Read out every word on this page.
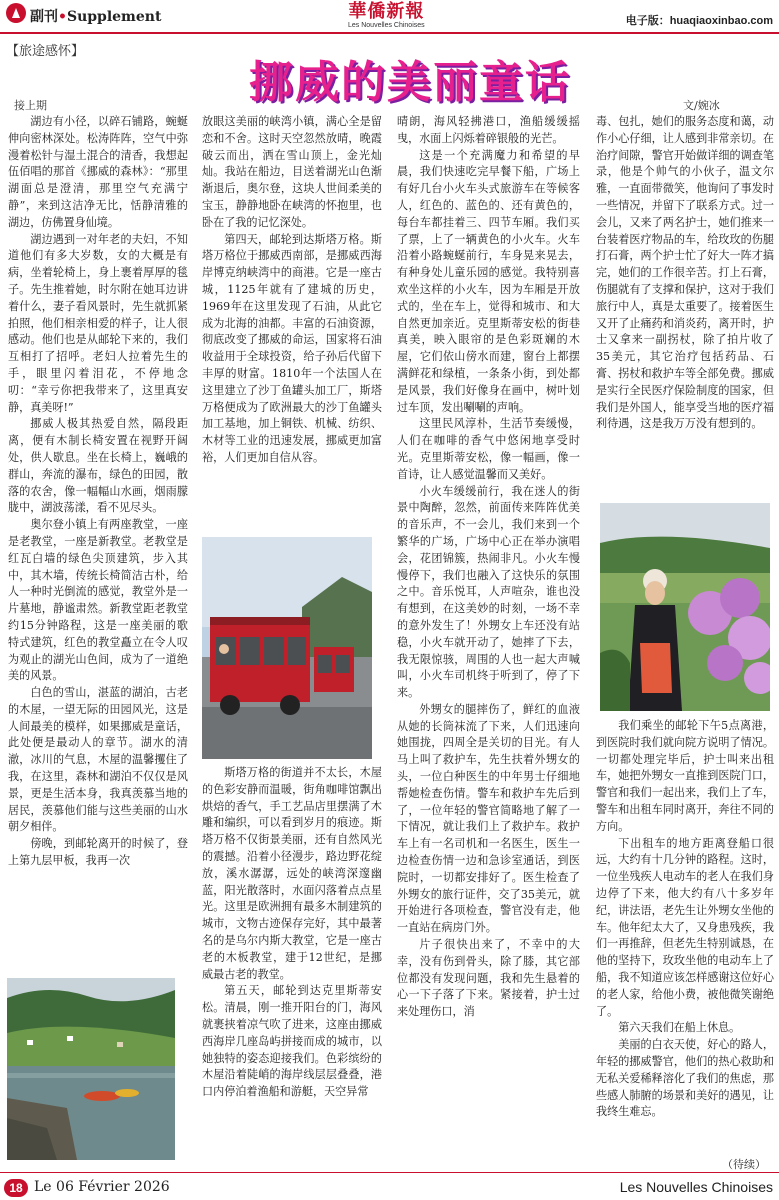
副刊•Supplement	華僑新報
Les Nouvelles Chinoises	电子版：huaqiaoxinbao.com
【旅途感怀】
挪威的美丽童话
接上期	文/婉冰

湖边有小径，以碎石铺路，蜿蜒伸向密林深处。松涛阵阵，空气中弥漫着松针与湿土混合的清香，我想起伍佰唱的那首《挪威的森林》：“那里湖面总是澄清，那里空气充满宁静”，来到这洁净无比，恬静清雅的湖边，仿佛置身仙境。

湖边遇到一对年老的夫妇，不知道他们有多大岁数，女的大概是有病，坐着轮椅上，身上裹着厚厚的毯子。先生推着她，时尔附在她耳边讲着什么，妻子看风景时，先生就抓紧拍照，他们相亲相爱的样子，让人很感动。他们也是从邮轮下来的，我们互相打了招呼。老妇人拉着先生的手，眼里闪着泪花，不停地念叨：“幸亏你把我带来了，这里真安静，真美呀!”

挪威人极其热爱自然，隔段距离，便有木制长椅安置在视野开阔处，供人歇息。坐在长椅上，巍峨的群山，奔流的瀑布，绿色的田园，散落的农舍，像一幅幅山水画，烟雨朦胧中，湖波荡漾，看不见尽头。

奥尔登小镇上有两座教堂，一座是老教堂，一座是新教堂。老教堂是红瓦白墙的绿色尖顶建筑，步入其中，其木墙，传统长椅简洁古朴，给人一种时光倒流的感觉，教堂外是一片墓地，静谧肃然。新教堂距老教堂约15分钟路程，这是一座美丽的歌特式建筑，红色的教堂矗立在令人叹为观止的湖光山色间，成为了一道绝美的风景。

白色的雪山，湛蓝的湖泊，古老的木屋，一望无际的田园风光，这是人间最美的模样，如果挪威是童话，此处便是最动人的章节。湖水的清澈，冰川的气息，木屋的温馨攫住了我，在这里，森林和湖泊不仅仅是风景，更是生活本身，我真羡慕当地的居民，羡慕他们能与这些美丽的山水朝夕相伴。

傍晚，到邮轮离开的时候了，登上第九层甲板，我再一次

放眼这美丽的峡湾小镇，满心全是留恋和不舍。这时天空忽然放晴，晚霞破云而出，洒在雪山顶上，金光灿灿。我站在船边，目送着湖光山色渐渐退后，奥尔登，这块人世间柔美的宝玉，静静地卧在峡湾的怀抱里，也卧在了我的记忆深处。

第四天，邮轮到达斯塔万格。斯塔万格位于挪威西南部，是挪威西海岸博克纳峡湾中的商港。它是一座古城，1125年就有了建城的历史，1969年在这里发现了石油，从此它成为北海的油都。丰富的石油资源，彻底改变了挪威的命运，国家将石油收益用于全球投资，给子孙后代留下丰厚的财富。1810年一个法国人在这里建立了沙丁鱼罐头加工厂，斯塔万格便成为了欧洲最大的沙丁鱼罐头加工基地，加上铜铁、机械、纺织、木材等工业的迅速发展，挪威更加富裕，人们更加自信从容。

斯塔万格的街道并不太长，木屋的色彩安静而温暖，街角咖啡馆飘出烘焙的香气，手工艺品店里摆满了木雕和编织，可以看到岁月的痕迹。斯塔万格不仅街景美丽，还有自然风光的震撼。沿着小径漫步，路边野花绽放，溪水潺潺，远处的峡湾深邃幽蓝，阳光散落时，水面闪落着点点星光。这里是欧洲拥有最多木制建筑的城市，文物古迹保存完好，其中最著名的是乌尔内斯大教堂，它是一座古老的木板教堂，建于12世纪，是挪威最古老的教堂。

第五天，邮轮到达克里斯蒂安松。清晨，刚一推开阳台的门，海风就裹挟着凉气吹了进来，这座由挪威西海岸几座岛屿拼接而成的城市，以她独特的姿态迎接我们。色彩缤纷的木屋沿着陡峭的海岸线层层叠叠，港口内停泊着渔船和游艇，天空异常

晴朗，海风轻拂港口，渔船缓缓摇曳，水面上闪烁着碎银般的光芒。

这是一个充满魔力和希望的早晨，我们快速吃完早餐下船，广场上有好几台小火车头式旅游车在等候客人，红色的、蓝色的、还有黄色的，每台车都挂着三、四节车厢。我们买了票，上了一辆黄色的小火车。火车沿着小路蜿蜒前行，车身晃来晃去，有种身处儿童乐园的感觉。我特别喜欢坐这样的小火车，因为车厢是开放式的，坐在车上，觉得和城市、和大自然更加亲近。克里斯蒂安松的街巷真美，映入眼帘的是色彩斑斓的木屋，它们依山傍水而建，窗台上都摆满鲜花和绿植，一条条小街，到处都是风景，我们好像身在画中，树叶划过车顶，发出唰唰的声响。

这里民风淳朴，生活节奏缓慢，人们在咖啡的香气中悠闲地享受时光。克里斯蒂安松，像一幅画，像一首诗，让人感觉温馨而又美好。

小火车缓缓前行，我在迷人的街景中陶醉，忽然，前面传来阵阵优美的音乐声，不一会儿，我们来到一个繁华的广场，广场中心正在举办演唱会，花团锦簇，热闹非凡。小火车慢慢停下，我们也融入了这快乐的氛围之中。音乐悦耳，人声喧杂，谁也没有想到，在这美妙的时刻，一场不幸的意外发生了！外甥女上车还没有站稳，小火车就开动了，她摔了下去，我无限惊骇，周围的人也一起大声喊叫，小火车司机终于听到了，停了下来。

外甥女的腿摔伤了，鲜红的血液从她的长筒袜流了下来，人们迅速向她围拢，四周全是关切的目光。有人马上叫了救护车，先生扶着外甥女的头，一位白种医生的中年男士仔细地帮她检查伤情。警车和救护车先后到了，一位年轻的警官简略地了解了一下情况，就让我们上了救护车。救护车上有一名司机和一名医生，医生一边检查伤情一边和急诊室通话，到医院时，一切都安排好了。医生检查了外甥女的旅行证件，交了35美元，就开始进行各项检查，警官没有走，他一直站在病房门外。

片子很快出来了，不幸中的大幸，没有伤到骨头，除了膝，其它部位都没有发现问题，我和先生悬着的心一下子落了下来。紧接着，护士过来处理伤口，消

毒、包扎，她们的服务态度和蔼，动作小心仔细，让人感到非常亲切。在治疗间隙，警官开始做详细的调查笔录，他是个帅气的小伙子，温文尔雅，一直面带微笑，他询问了事发时一些情况，并留下了联系方式。过一会儿，又来了两名护士，她们推来一台装着医疗物品的车，给玫玫的伤腿打石膏，两个护士忙了好大一阵才搞完，她们的工作很辛苦。打上石膏，伤腿就有了支撑和保护，这对于我们旅行中人，真是太重要了。接着医生又开了止痛药和消炎药，离开时，护士又拿来一副拐杖，除了拍片收了35美元，其它治疗包括药品、石膏、拐杖和救护车等全部免费。挪威是实行全民医疗保险制度的国家，但我们是外国人，能享受当地的医疗福利待遇，这是我万万没有想到的。

我们乘坐的邮轮下午5点离港，到医院时我们就向院方说明了情况。一切都处理完毕后，护士叫来出租车，她把外甥女一直推到医院门口，警官和我们一起出来，我们上了车，警车和出租车同时离开，奔往不同的方向。

下出租车的地方距离登船口很远，大约有十几分钟的路程。这时，一位坐残疾人电动车的老人在我们身边停了下来，他大约有八十多岁年纪，讲法语，老先生让外甥女坐他的车。他年纪太大了，又身患残疾，我们一再推辞，但老先生特别诚恳，在他的坚持下，玫玫坐他的电动车上了船，我不知道应该怎样感谢这位好心的老人家，给他小费，被他微笑谢绝了。

第六天我们在船上休息。

美丽的白衣天使，好心的路人，年轻的挪威警官，他们的热心救助和无私关爱稀释溶化了我们的焦虑，那些感人肺腑的场景和美好的遇见，让我终生难忘。

（待续）
18 Le 06 Février 2026	Les Nouvelles Chinoises
